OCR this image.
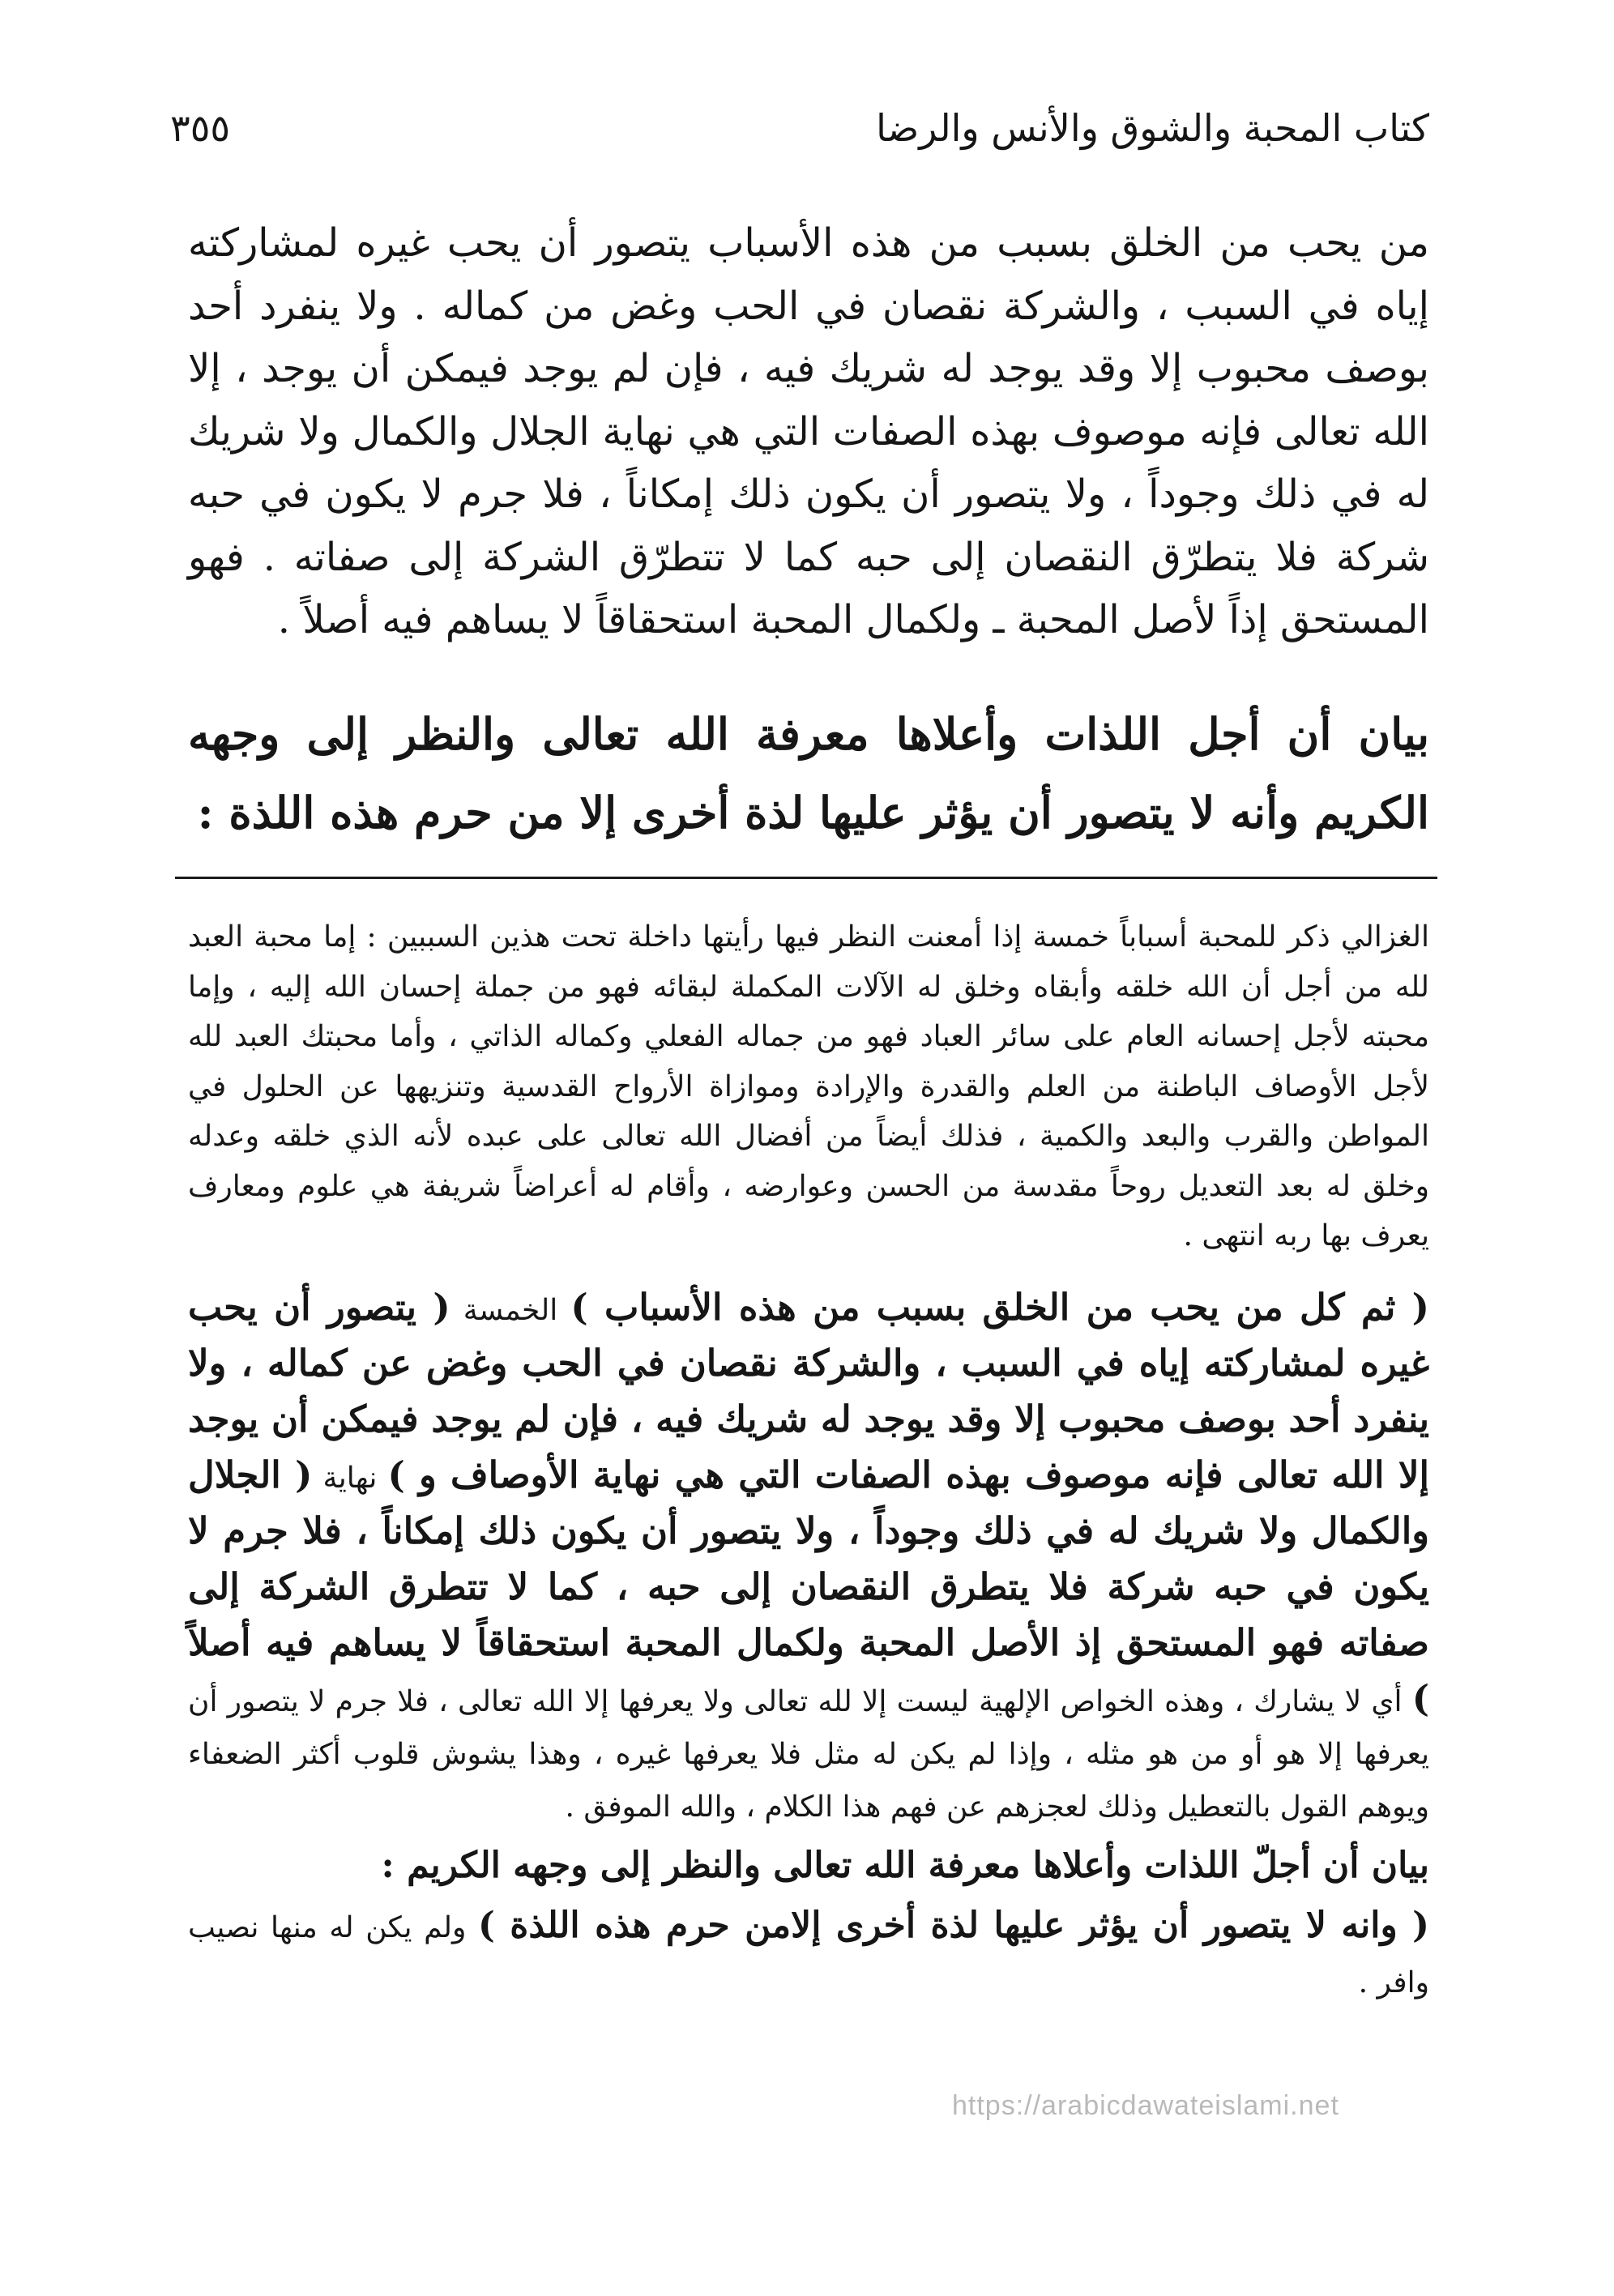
كتاب المحبة والشوق والأنس والرضا
٣٥٥

من يحب من الخلق بسبب من هذه الأسباب يتصور أن يحب غيره لمشاركته إياه في السبب ، والشركة نقصان في الحب وغض من كماله . ولا ينفرد أحد بوصف محبوب إلا وقد يوجد له شريك فيه ، فإن لم يوجد فيمكن أن يوجد ، إلا الله تعالى فإنه موصوف بهذه الصفات التي هي نهاية الجلال والكمال ولا شريك له في ذلك وجوداً ، ولا يتصور أن يكون ذلك إمكاناً ، فلا جرم لا يكون في حبه شركة فلا يتطرّق النقصان إلى حبه كما لا تتطرّق الشركة إلى صفاته . فهو المستحق إذاً لأصل المحبة ـ ولكمال المحبة استحقاقاً لا يساهم فيه أصلاً .

بيان أن أجل اللذات وأعلاها معرفة الله تعالى والنظر إلى وجهه الكريم وأنه لا يتصور أن يؤثر عليها لذة أخرى إلا من حرم هذه اللذة :

الغزالي ذكر للمحبة أسباباً خمسة إذا أمعنت النظر فيها رأيتها داخلة تحت هذين السببين : إما محبة العبد لله من أجل أن الله خلقه وأبقاه وخلق له الآلات المكملة لبقائه فهو من جملة إحسان الله إليه ، وإما محبته لأجل إحسانه العام على سائر العباد فهو من جماله الفعلي وكماله الذاتي ، وأما محبتك العبد لله لأجل الأوصاف الباطنة من العلم والقدرة والإرادة وموازاة الأرواح القدسية وتنزيهها عن الحلول في المواطن والقرب والبعد والكمية ، فذلك أيضاً من أفضال الله تعالى على عبده لأنه الذي خلقه وعدله وخلق له بعد التعديل روحاً مقدسة من الحسن وعوارضه ، وأقام له أعراضاً شريفة هي علوم ومعارف يعرف بها ربه انتهى .

( ثم كل من يحب من الخلق بسبب من هذه الأسباب ) الخمسة ( يتصور أن يحب غيره لمشاركته إياه في السبب ، والشركة نقصان في الحب وغض عن كماله ، ولا ينفرد أحد بوصف محبوب إلا وقد يوجد له شريك فيه ، فإن لم يوجد فيمكن أن يوجد إلا الله تعالى فإنه موصوف بهذه الصفات التي هي نهاية الأوصاف و ) نهاية ( الجلال والكمال ولا شريك له في ذلك وجوداً ، ولا يتصور أن يكون ذلك إمكاناً ، فلا جرم لا يكون في حبه شركة فلا يتطرق النقصان إلى حبه ، كما لا تتطرق الشركة إلى صفاته فهو المستحق إذ الأصل المحبة ولكمال المحبة استحقاقاً لا يساهم فيه أصلاً ) أي لا يشارك ، وهذه الخواص الإلهية ليست إلا لله تعالى ولا يعرفها إلا الله تعالى ، فلا جرم لا يتصور أن يعرفها إلا هو أو من هو مثله ، وإذا لم يكن له مثل فلا يعرفها غيره ، وهذا يشوش قلوب أكثر الضعفاء ويوهم القول بالتعطيل وذلك لعجزهم عن فهم هذا الكلام ، والله الموفق .

بيان أن أجلّ اللذات وأعلاها معرفة الله تعالى والنظر إلى وجهه الكريم :

( وانه لا يتصور أن يؤثر عليها لذة أخرى إلامن حرم هذه اللذة ) ولم يكن له منها نصيب وافر .

https://arabicdawateislami.net
